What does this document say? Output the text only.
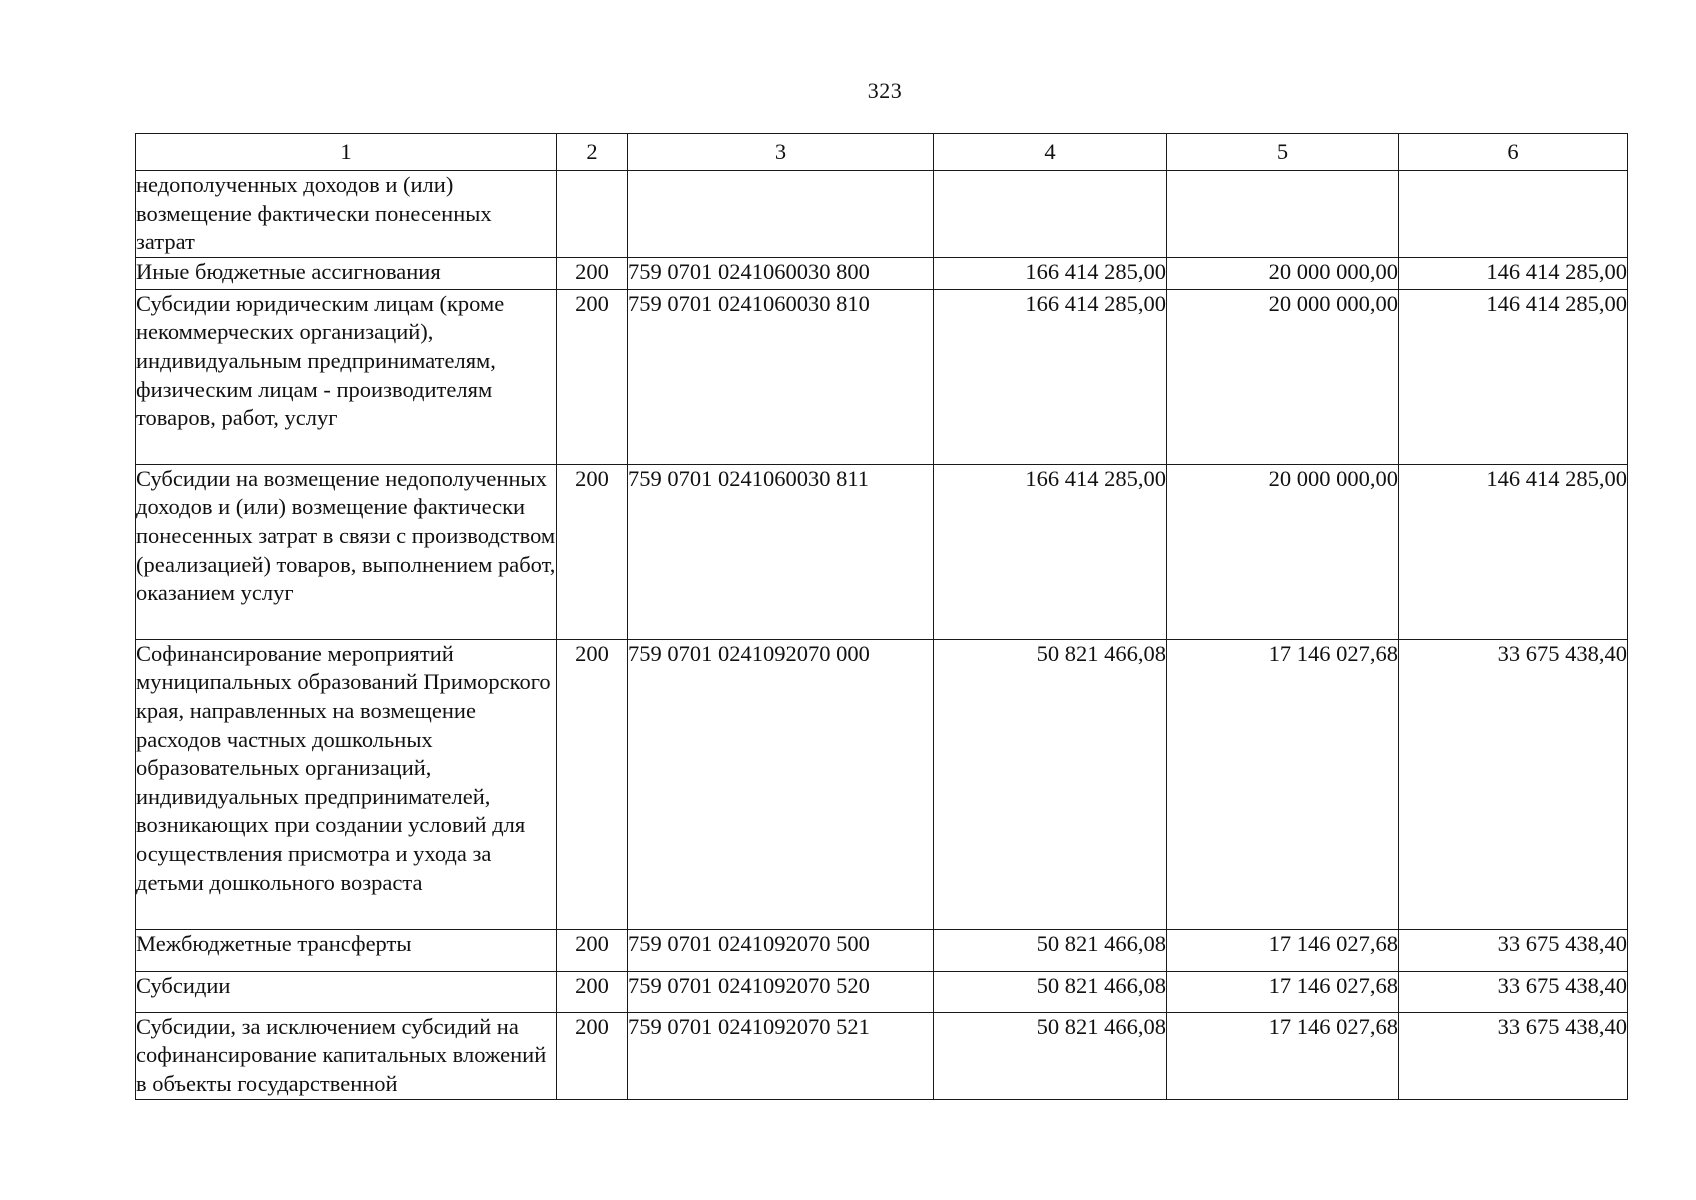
323
1	2	3	4	5	6
недополученных доходов и (или) возмещение фактически понесенных затрат					
Иные бюджетные ассигнования	200	759 0701 0241060030 800	166 414 285,00	20 000 000,00	146 414 285,00
Субсидии юридическим лицам (кроме некоммерческих организаций), индивидуальным предпринимателям, физическим лицам - производителям товаров, работ, услуг	200	759 0701 0241060030 810	166 414 285,00	20 000 000,00	146 414 285,00
Субсидии на возмещение недополученных доходов и (или) возмещение фактически понесенных затрат в связи с производством (реализацией) товаров, выполнением работ, оказанием услуг	200	759 0701 0241060030 811	166 414 285,00	20 000 000,00	146 414 285,00
Софинансирование мероприятий муниципальных образований Приморского края, направленных на возмещение расходов частных дошкольных образовательных организаций, индивидуальных предпринимателей, возникающих при создании условий для осуществления присмотра и ухода за детьми дошкольного возраста	200	759 0701 0241092070 000	50 821 466,08	17 146 027,68	33 675 438,40
Межбюджетные трансферты	200	759 0701 0241092070 500	50 821 466,08	17 146 027,68	33 675 438,40
Субсидии	200	759 0701 0241092070 520	50 821 466,08	17 146 027,68	33 675 438,40
Субсидии, за исключением субсидий на софинансирование капитальных вложений в объекты государственной	200	759 0701 0241092070 521	50 821 466,08	17 146 027,68	33 675 438,40
